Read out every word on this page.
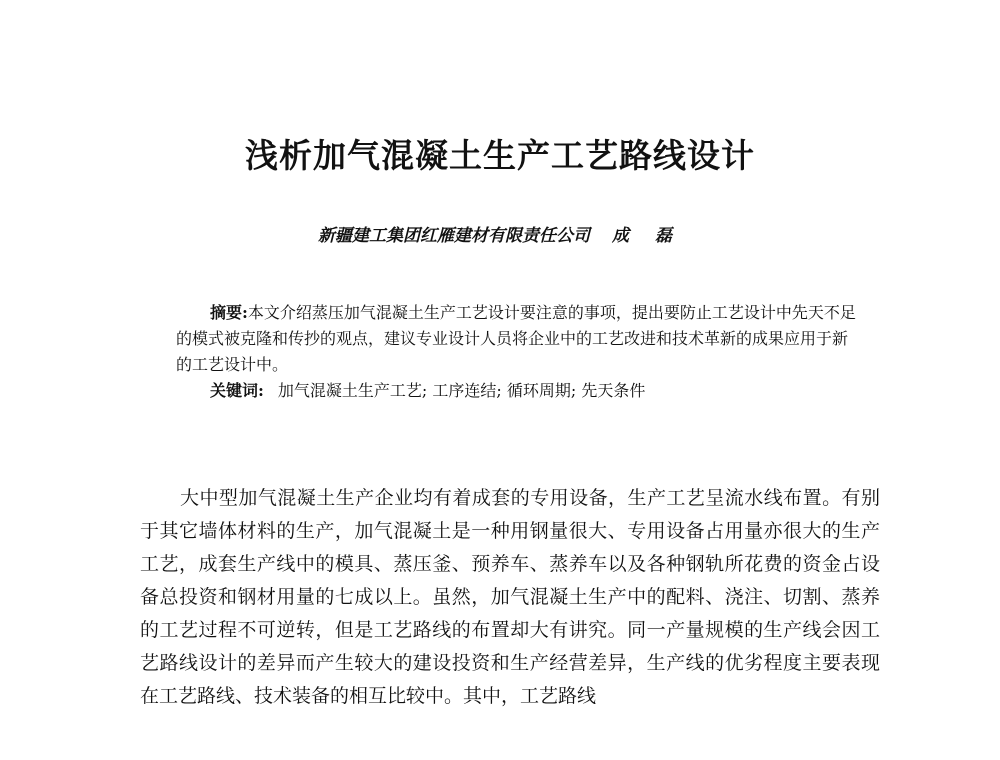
浅析加气混凝土生产工艺路线设计
新疆建工集团红雁建材有限责任公司 成 磊

摘要:本文介绍蒸压加气混凝土生产工艺设计要注意的事项，提出要防止工艺设计中先天不足的模式被克隆和传抄的观点，建议专业设计人员将企业中的工艺改进和技术革新的成果应用于新的工艺设计中。

关键词: 加气混凝土生产工艺; 工序连结; 循环周期; 先天条件

大中型加气混凝土生产企业均有着成套的专用设备，生产工艺呈流水线布置。有别于其它墙体材料的生产，加气混凝土是一种用钢量很大、专用设备占用量亦很大的生产工艺，成套生产线中的模具、蒸压釜、预养车、蒸养车以及各种钢轨所花费的资金占设备总投资和钢材用量的七成以上。虽然，加气混凝土生产中的配料、浇注、切割、蒸养的工艺过程不可逆转，但是工艺路线的布置却大有讲究。同一产量规模的生产线会因工艺路线设计的差异而产生较大的建设投资和生产经营差异，生产线的优劣程度主要表现在工艺路线、技术装备的相互比较中。其中，工艺路线
